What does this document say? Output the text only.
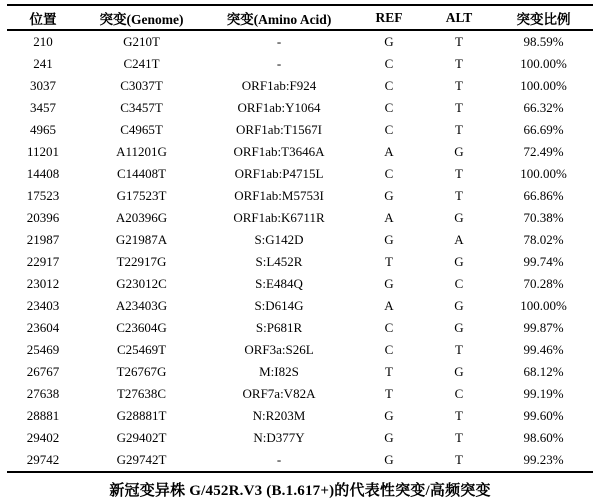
位置	突变(Genome)	突变(Amino Acid)	REF	ALT	突变比例
210	G210T	-	G	T	98.59%
241	C241T	-	C	T	100.00%
3037	C3037T	ORF1ab:F924	C	T	100.00%
3457	C3457T	ORF1ab:Y1064	C	T	66.32%
4965	C4965T	ORF1ab:T1567I	C	T	66.69%
11201	A11201G	ORF1ab:T3646A	A	G	72.49%
14408	C14408T	ORF1ab:P4715L	C	T	100.00%
17523	G17523T	ORF1ab:M5753I	G	T	66.86%
20396	A20396G	ORF1ab:K6711R	A	G	70.38%
21987	G21987A	S:G142D	G	A	78.02%
22917	T22917G	S:L452R	T	G	99.74%
23012	G23012C	S:E484Q	G	C	70.28%
23403	A23403G	S:D614G	A	G	100.00%
23604	C23604G	S:P681R	C	G	99.87%
25469	C25469T	ORF3a:S26L	C	T	99.46%
26767	T26767G	M:I82S	T	G	68.12%
27638	T27638C	ORF7a:V82A	T	C	99.19%
28881	G28881T	N:R203M	G	T	99.60%
29402	G29402T	N:D377Y	G	T	98.60%
29742	G29742T	-	G	T	99.23%
新冠变异株 G/452R.V3 (B.1.617+)的代表性突变/高频突变
